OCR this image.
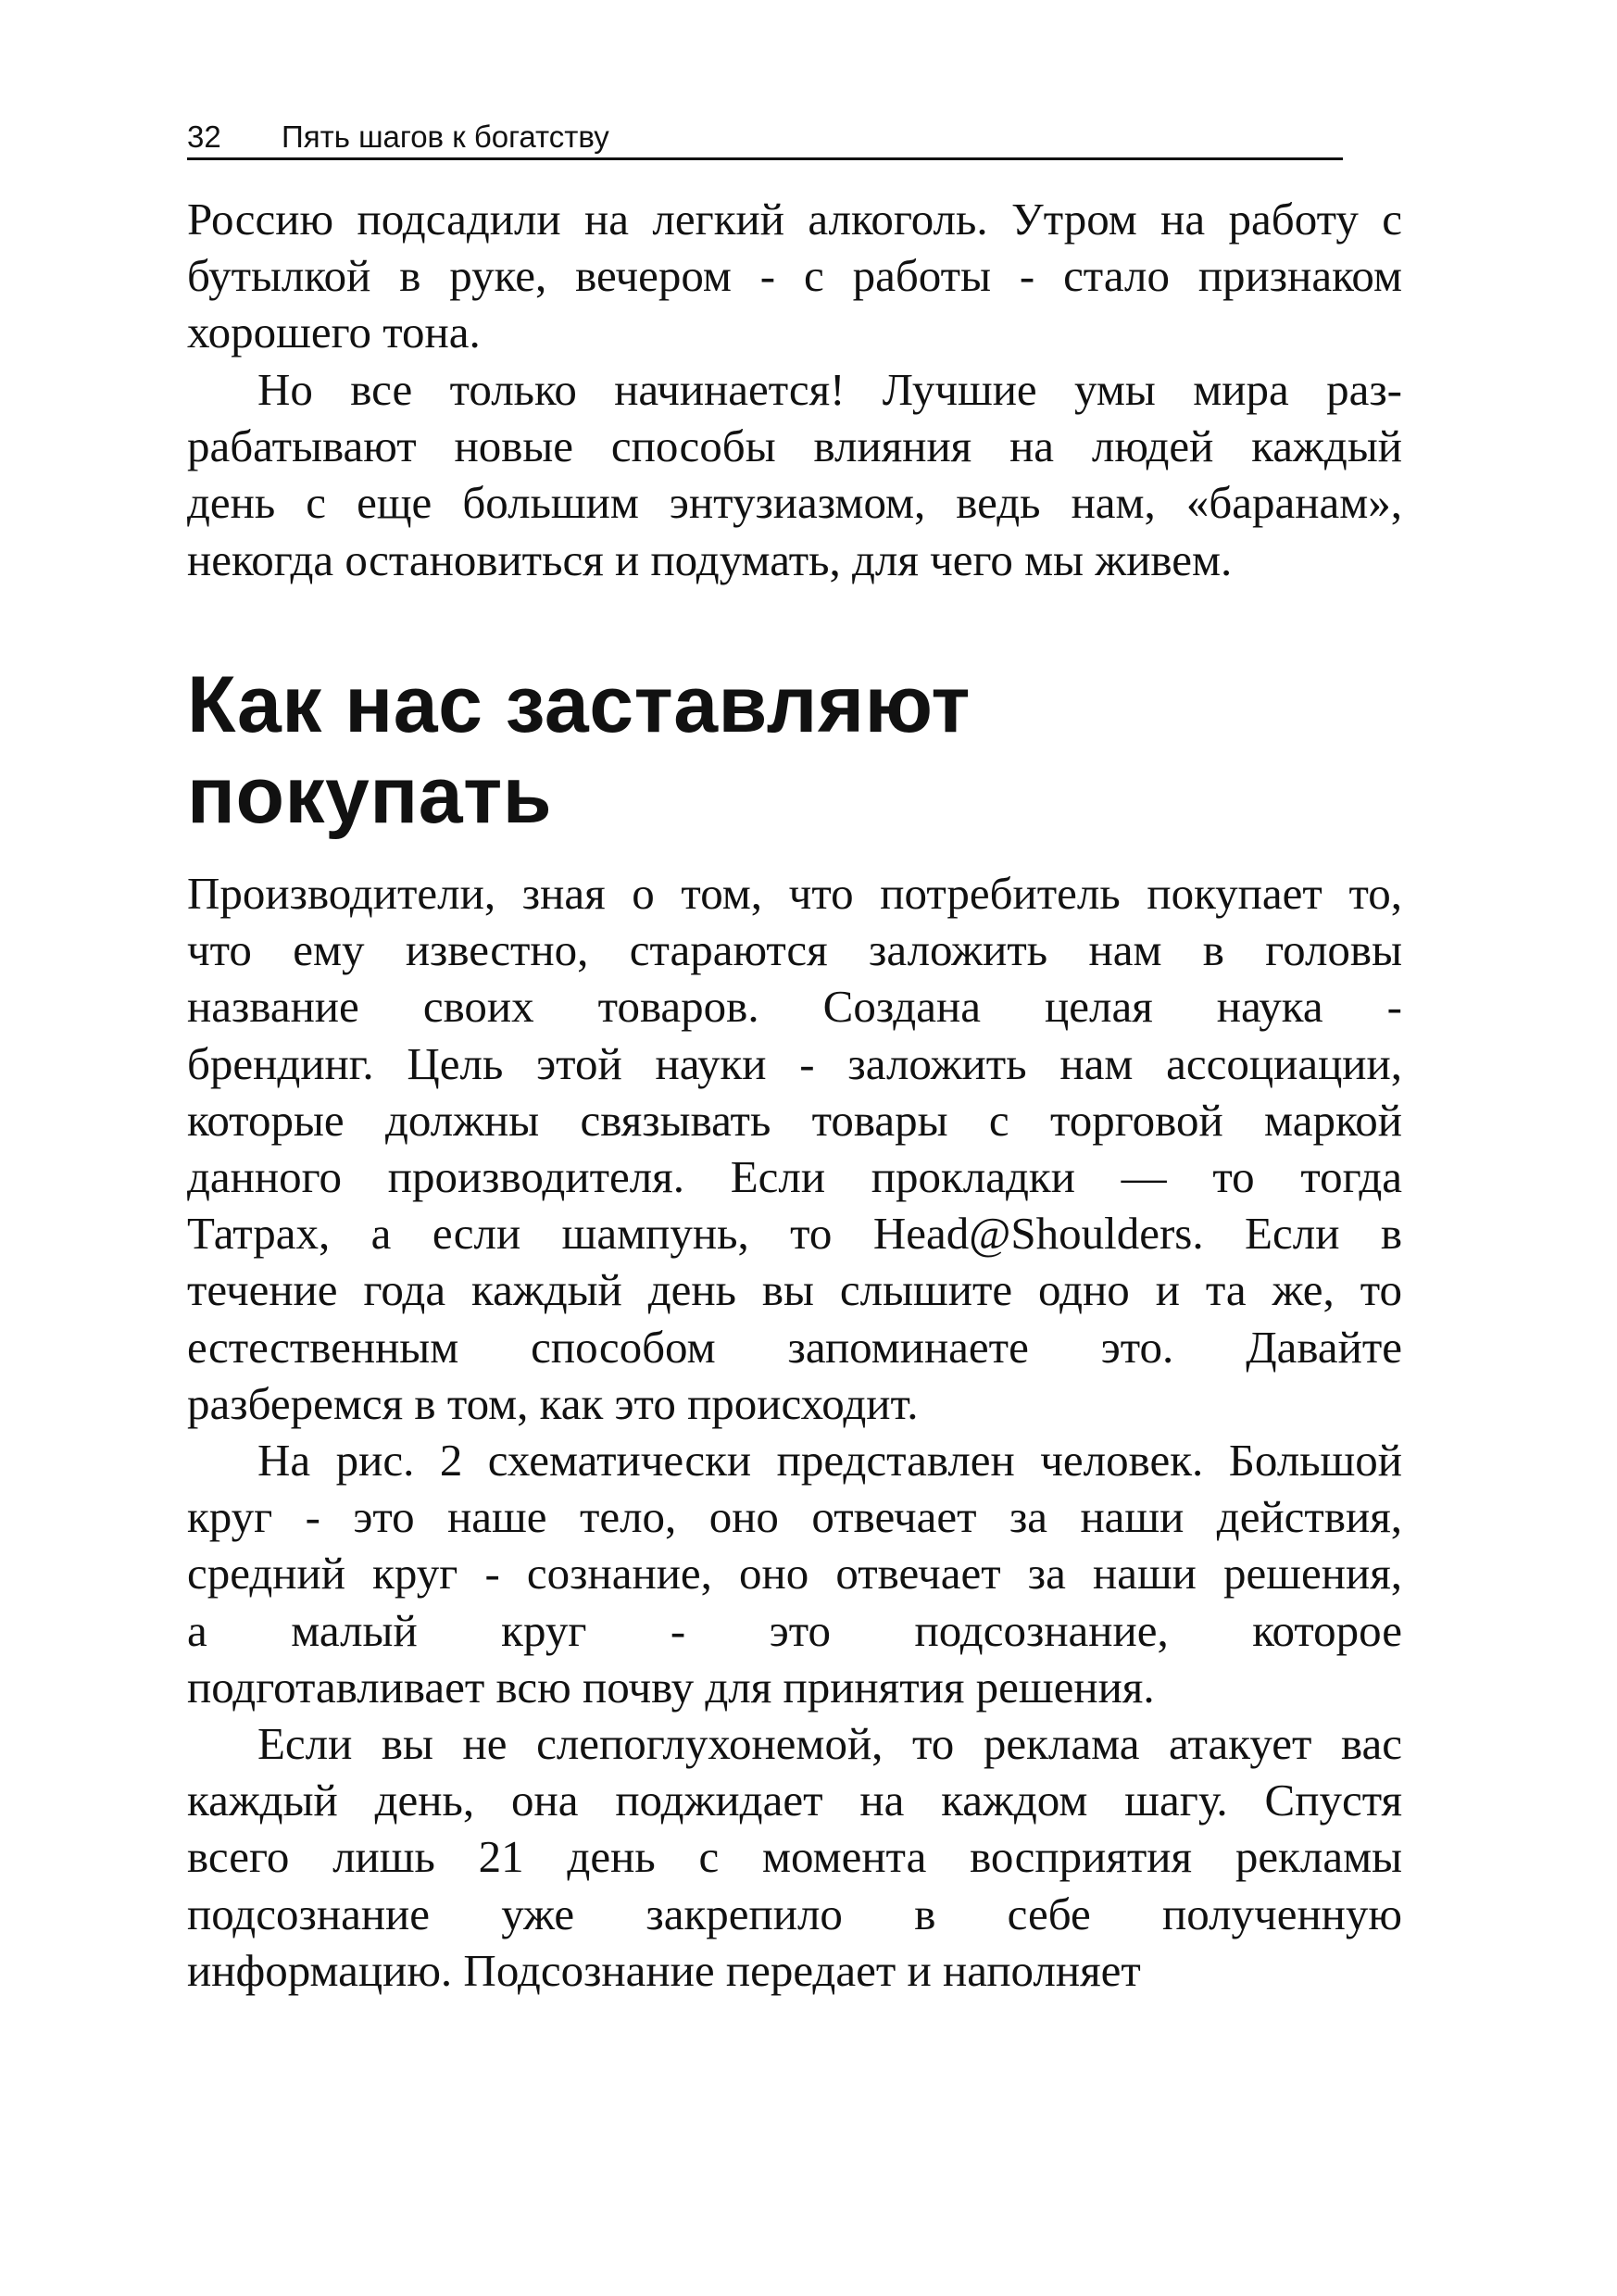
32 Пять шагов к богатству

Россию подсадили на легкий алкоголь. Утром на работу с

бутылкой в руке, вечером - с работы - стало признаком

хорошего тона.

Но все только начинается! Лучшие умы мира раз-

рабатывают новые способы влияния на людей каждый

день с еще большим энтузиазмом, ведь нам, «баранам»,

некогда остановиться и подумать, для чего мы живем.

Как нас заставляют
покупать

Производители, зная о том, что потребитель покупает то,

что ему известно, стараются заложить нам в головы

название своих товаров. Создана целая наука -

брендинг. Цель этой науки - заложить нам ассоциации,

которые должны связывать товары с торговой маркой

данного производителя. Если прокладки — то тогда

Татрах, а если шампунь, то Head@Shoulders. Если в

течение года каждый день вы слышите одно и та же, то

естественным способом запоминаете это. Давайте

разберемся в том, как это происходит.

На рис. 2 схематически представлен человек. Большой

круг - это наше тело, оно отвечает за наши действия,

средний круг - сознание, оно отвечает за наши решения,

а малый круг - это подсознание, которое

подготавливает всю почву для принятия решения.

Если вы не слепоглухонемой, то реклама атакует вас

каждый день, она поджидает на каждом шагу. Спустя

всего лишь 21 день с момента восприятия рекламы

подсознание уже закрепило в себе полученную

информацию. Подсознание передает и наполняет
